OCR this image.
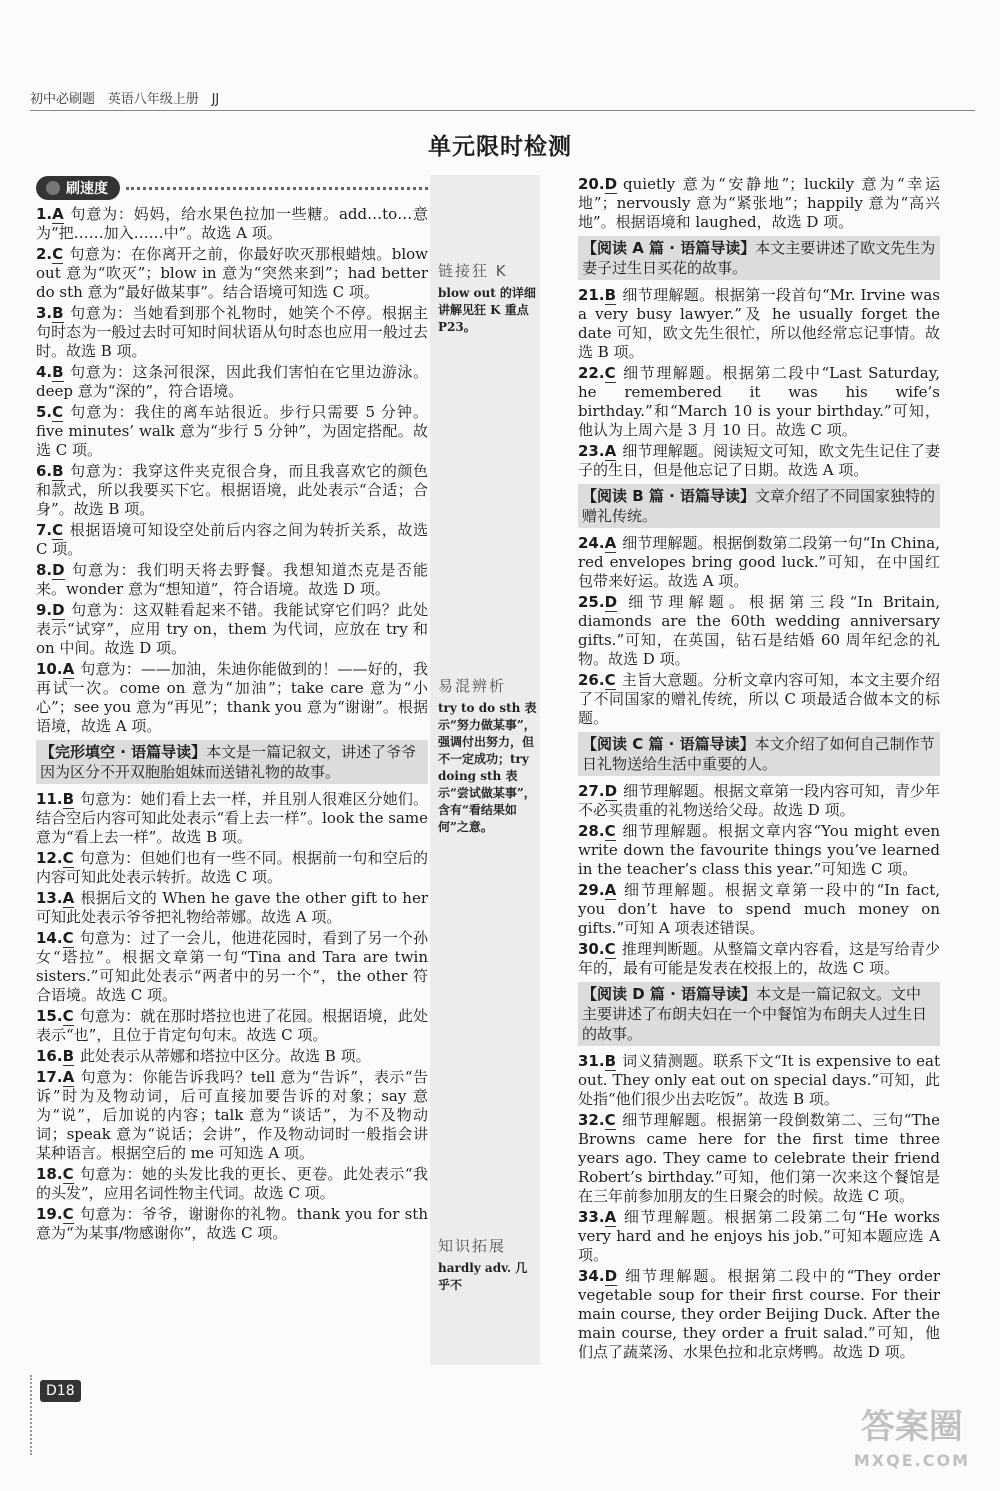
初中必刷题 英语八年级上册 JJ
单元限时检测
刷速度
1.A 句意为：妈妈，给水果色拉加一些糖。add…to…意为“把……加入……中”。故选 A 项。
2.C 句意为：在你离开之前，你最好吹灭那根蜡烛。blow out 意为“吹灭”；blow in 意为“突然来到”；had better do sth 意为“最好做某事”。结合语境可知选 C 项。
3.B 句意为：当她看到那个礼物时，她笑个不停。根据主句时态为一般过去时可知时间状语从句时态也应用一般过去时。故选 B 项。
4.B 句意为：这条河很深，因此我们害怕在它里边游泳。deep 意为“深的”，符合语境。
5.C 句意为：我住的离车站很近。步行只需要 5 分钟。five minutes’ walk 意为“步行 5 分钟”，为固定搭配。故选 C 项。
6.B 句意为：我穿这件夹克很合身，而且我喜欢它的颜色和款式，所以我要买下它。根据语境，此处表示“合适；合身”。故选 B 项。
7.C 根据语境可知设空处前后内容之间为转折关系，故选 C 项。
8.D 句意为：我们明天将去野餐。我想知道杰克是否能来。wonder 意为“想知道”，符合语境。故选 D 项。
9.D 句意为：这双鞋看起来不错。我能试穿它们吗？此处表示“试穿”，应用 try on，them 为代词，应放在 try 和 on 中间。故选 D 项。
10.A 句意为：——加油，朱迪你能做到的！——好的，我再试一次。come on 意为“加油”；take care 意为“小心”；see you 意为“再见”；thank you 意为“谢谢”。根据语境，故选 A 项。
【完形填空 · 语篇导读】本文是一篇记叙文，讲述了爷爷因为区分不开双胞胎姐妹而送错礼物的故事。
11.B 句意为：她们看上去一样，并且别人很难区分她们。结合空后内容可知此处表示“看上去一样”。look the same 意为“看上去一样”。故选 B 项。
12.C 句意为：但她们也有一些不同。根据前一句和空后的内容可知此处表示转折。故选 C 项。
13.A 根据后文的 When he gave the other gift to her 可知此处表示爷爷把礼物给蒂娜。故选 A 项。
14.C 句意为：过了一会儿，他进花园时，看到了另一个孙女“塔拉”。根据文章第一句“Tina and Tara are twin sisters.”可知此处表示“两者中的另一个”，the other 符合语境。故选 C 项。
15.C 句意为：就在那时塔拉也进了花园。根据语境，此处表示“也”，且位于肯定句句末。故选 C 项。
16.B 此处表示从蒂娜和塔拉中区分。故选 B 项。
17.A 句意为：你能告诉我吗？tell 意为“告诉”，表示“告诉”时为及物动词，后可直接加要告诉的对象；say 意为“说”，后加说的内容；talk 意为“谈话”，为不及物动词；speak 意为“说话；会讲”，作及物动词时一般指会讲某种语言。根据空后的 me 可知选 A 项。
18.C 句意为：她的头发比我的更长、更卷。此处表示“我的头发”，应用名词性物主代词。故选 C 项。
19.C 句意为：爷爷，谢谢你的礼物。thank you for sth 意为“为某事/物感谢你”，故选 C 项。
链接狂 K
blow out 的详细讲解见狂 K 重点 P23。
易混辨析
try to do sth 表示“努力做某事”，强调付出努力，但不一定成功；try doing sth 表示“尝试做某事”，含有“看结果如何”之意。
知识拓展
hardly adv. 几乎不
20.D quietly 意为“安静地”；luckily 意为“幸运地”；nervously 意为“紧张地”；happily 意为“高兴地”。根据语境和 laughed，故选 D 项。
【阅读 A 篇 · 语篇导读】本文主要讲述了欧文先生为妻子过生日买花的故事。
21.B 细节理解题。根据第一段首句“Mr. Irvine was a very busy lawyer.”及 he usually forget the date 可知，欧文先生很忙，所以他经常忘记事情。故选 B 项。
22.C 细节理解题。根据第二段中“Last Saturday, he remembered it was his wife’s birthday.”和“March 10 is your birthday.”可知，他认为上周六是 3 月 10 日。故选 C 项。
23.A 细节理解题。阅读短文可知，欧文先生记住了妻子的生日，但是他忘记了日期。故选 A 项。
【阅读 B 篇 · 语篇导读】文章介绍了不同国家独特的赠礼传统。
24.A 细节理解题。根据倒数第二段第一句“In China, red envelopes bring good luck.”可知，在中国红包带来好运。故选 A 项。
25.D 细节理解题。根据第三段“In Britain, diamonds are the 60th wedding anniversary gifts.”可知，在英国，钻石是结婚 60 周年纪念的礼物。故选 D 项。
26.C 主旨大意题。分析文章内容可知，本文主要介绍了不同国家的赠礼传统，所以 C 项最适合做本文的标题。
【阅读 C 篇 · 语篇导读】本文介绍了如何自己制作节日礼物送给生活中重要的人。
27.D 细节理解题。根据文章第一段内容可知，青少年不必买贵重的礼物送给父母。故选 D 项。
28.C 细节理解题。根据文章内容“You might even write down the favourite things you’ve learned in the teacher’s class this year.”可知选 C 项。
29.A 细节理解题。根据文章第一段中的“In fact, you don’t have to spend much money on gifts.”可知 A 项表述错误。
30.C 推理判断题。从整篇文章内容看，这是写给青少年的，最有可能是发表在校报上的，故选 C 项。
【阅读 D 篇 · 语篇导读】本文是一篇记叙文。文中主要讲述了布朗夫妇在一个中餐馆为布朗夫人过生日的故事。
31.B 词义猜测题。联系下文“It is expensive to eat out. They only eat out on special days.”可知，此处指“他们很少出去吃饭”。故选 B 项。
32.C 细节理解题。根据第一段倒数第二、三句“The Browns came here for the first time three years ago. They came to celebrate their friend Robert’s birthday.”可知，他们第一次来这个餐馆是在三年前参加朋友的生日聚会的时候。故选 C 项。
33.A 细节理解题。根据第二段第二句“He works very hard and he enjoys his job.”可知本题应选 A 项。
34.D 细节理解题。根据第二段中的“They order vegetable soup for their first course. For their main course, they order Beijing Duck. After the main course, they order a fruit salad.”可知，他们点了蔬菜汤、水果色拉和北京烤鸭。故选 D 项。
D18
答案圈
MXQE.COM
